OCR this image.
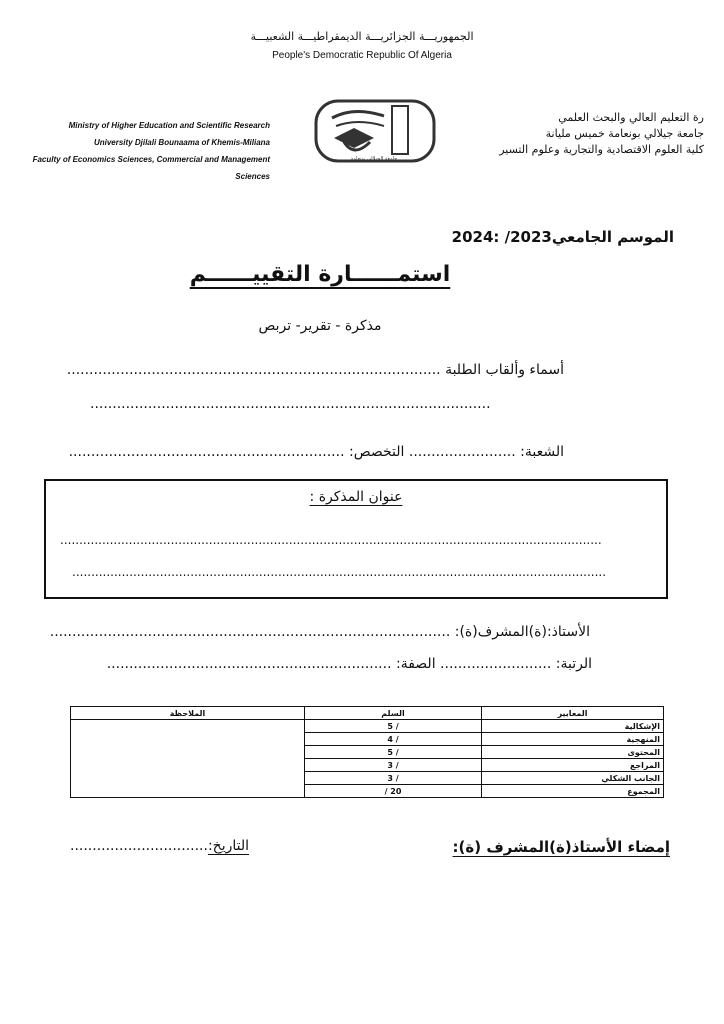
الجمهوريـــة الجزائريـــة الديمقراطيـــة الشعبيـــة
People's Democratic Republic Of Algeria
Ministry of Higher Education and Scientific Research
University Djilali Bounaama of Khemis-Miliana
Faculty of Economics Sciences, Commercial and Management Sciences
جامعة الجيلالي بونعامة
رة التعليم العالي والبحث العلمي
جامعة جيلالي بونعامة خميس مليانة
كلية العلوم الاقتصادية والتجارية وعلوم التسير
الموسم الجامعي2023/ :2024
استمــــــارة التقييــــــم
مذكرة - تقرير- تربص
أسماء وألقاب الطلبة ....................................................................................
..........................................................................................
الشعبة: ........................ التخصص: ..............................................................
عنوان المذكرة :
..............................................................................................................................................
............................................................................................................................................
الأستاذ:(ة)المشرف(ة): ..........................................................................................
الرتبة: ......................... الصفة: ................................................................
المعايير	السلم	الملاحظة
الإشكالية	/ 5	
المنهجية	/ 4	
المحتوى	/ 5	
المراجع	/ 3	
الجانب الشكلي	/ 3	
المجموع	20 /	
إمضاء الأستاذ(ة)المشرف (ة):
التاريخ:...............................
